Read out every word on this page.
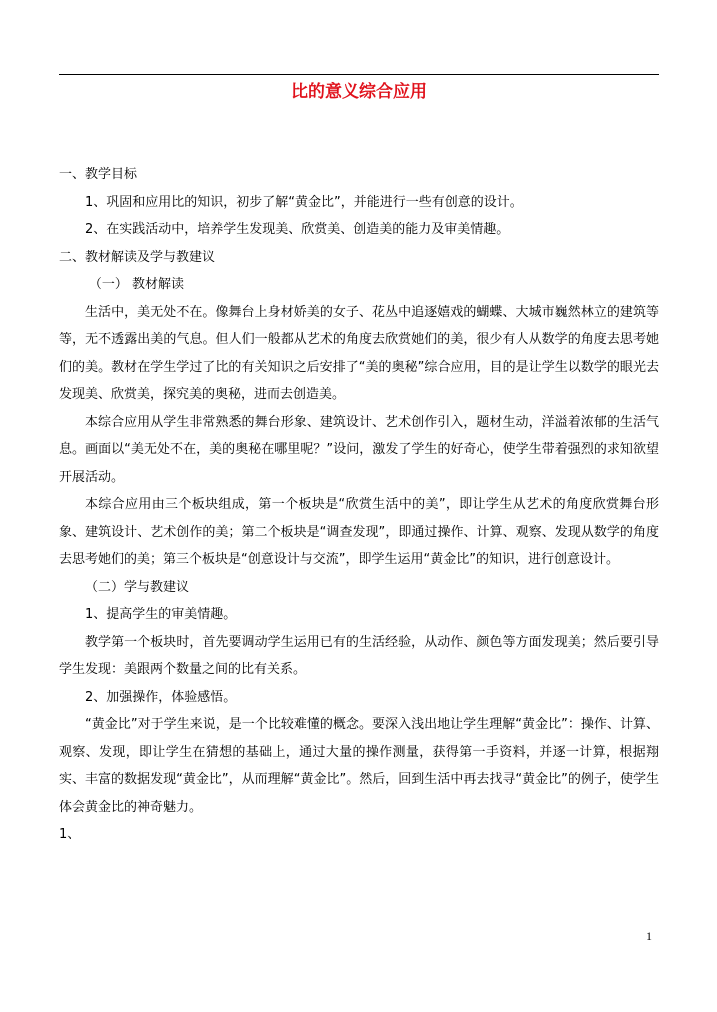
比的意义综合应用

一、教学目标

1、巩固和应用比的知识，初步了解“黄金比”，并能进行一些有创意的设计。

2、在实践活动中，培养学生发现美、欣赏美、创造美的能力及审美情趣。

二、教材解读及学与教建议

（一） 教材解读

生活中，美无处不在。像舞台上身材娇美的女子、花丛中追逐嬉戏的蝴蝶、大城市巍然林立的建筑等等，无不透露出美的气息。但人们一般都从艺术的角度去欣赏她们的美，很少有人从数学的角度去思考她们的美。教材在学生学过了比的有关知识之后安排了“美的奥秘”综合应用，目的是让学生以数学的眼光去发现美、欣赏美，探究美的奥秘，进而去创造美。

本综合应用从学生非常熟悉的舞台形象、建筑设计、艺术创作引入，题材生动，洋溢着浓郁的生活气息。画面以“美无处不在，美的奥秘在哪里呢？”设问，激发了学生的好奇心，使学生带着强烈的求知欲望开展活动。

本综合应用由三个板块组成，第一个板块是“欣赏生活中的美”，即让学生从艺术的角度欣赏舞台形象、建筑设计、艺术创作的美；第二个板块是“调查发现”，即通过操作、计算、观察、发现从数学的角度去思考她们的美；第三个板块是“创意设计与交流”，即学生运用“黄金比”的知识，进行创意设计。

（二）学与教建议

1、提高学生的审美情趣。

教学第一个板块时，首先要调动学生运用已有的生活经验，从动作、颜色等方面发现美；然后要引导学生发现：美跟两个数量之间的比有关系。

2、加强操作，体验感悟。

“黄金比”对于学生来说，是一个比较难懂的概念。要深入浅出地让学生理解“黄金比”：操作、计算、观察、发现，即让学生在猜想的基础上，通过大量的操作测量，获得第一手资料，并逐一计算，根据翔实、丰富的数据发现“黄金比”，从而理解“黄金比”。然后，回到生活中再去找寻“黄金比”的例子，使学生体会黄金比的神奇魅力。

1、

1
